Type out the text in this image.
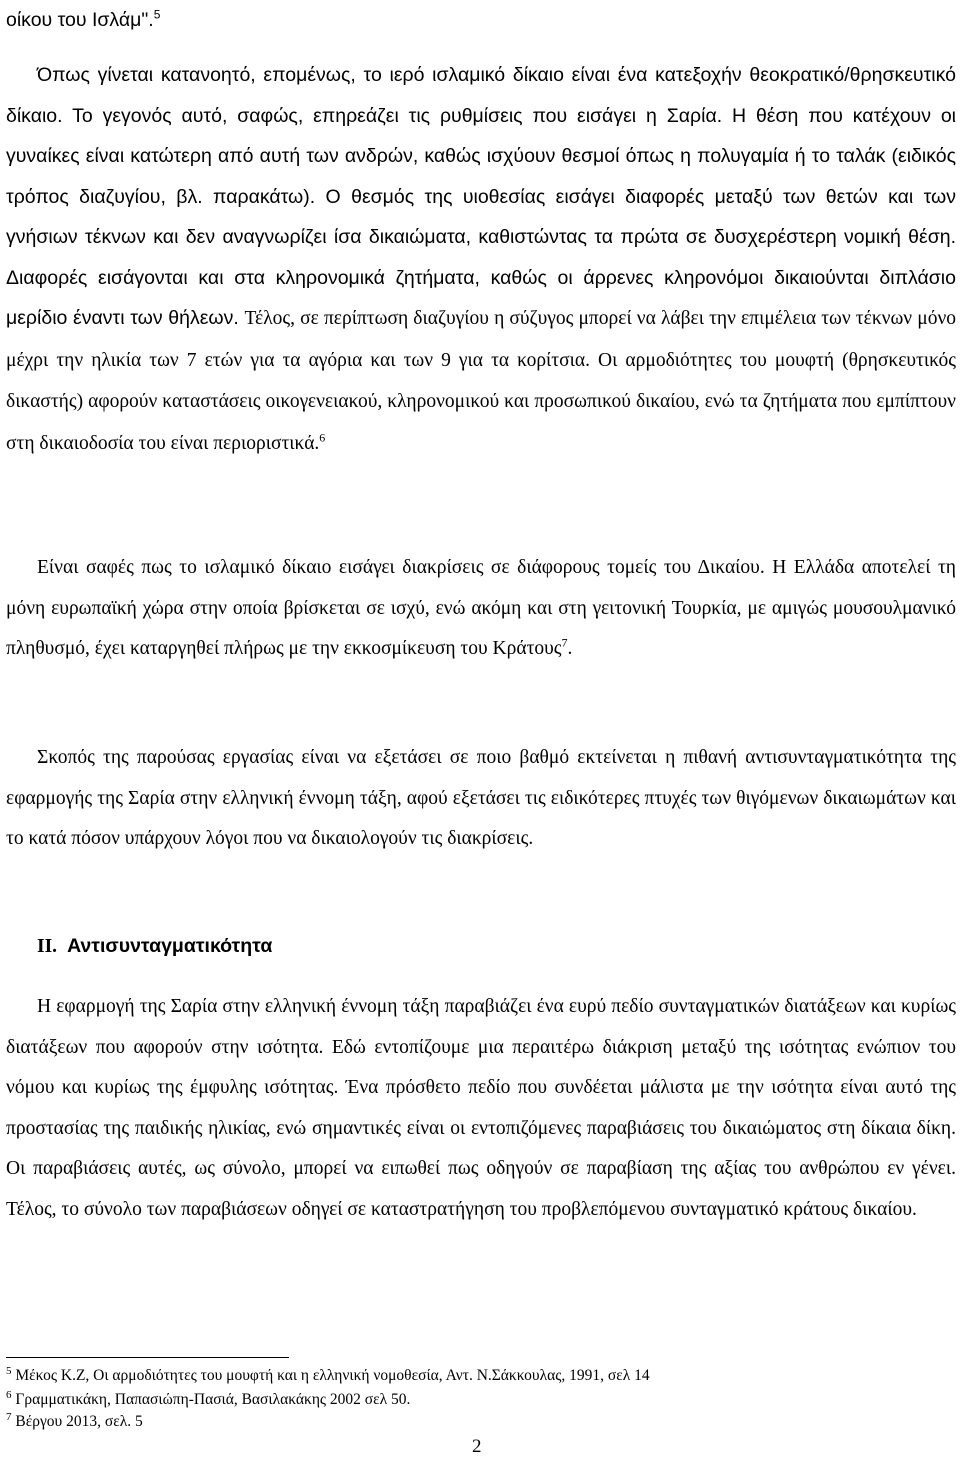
οίκου του Ισλάμ".$^5$

Όπως γίνεται κατανοητό, επομένως, το ιερό ισλαμικό δίκαιο είναι ένα κατεξοχήν θεοκρατικό/θρησκευτικό δίκαιο. Το γεγονός αυτό, σαφώς, επηρεάζει τις ρυθμίσεις που εισάγει η Σαρία. Η θέση που κατέχουν οι γυναίκες είναι κατώτερη από αυτή των ανδρών, καθώς ισχύουν θεσμοί όπως η πολυγαμία ή το ταλάκ (ειδικός τρόπος διαζυγίου, βλ. παρακάτω). Ο θεσμός της υιοθεσίας εισάγει διαφορές μεταξύ των θετών και των γνήσιων τέκνων και δεν αναγνωρίζει ίσα δικαιώματα, καθιστώντας τα πρώτα σε δυσχερέστερη νομική θέση. Διαφορές εισάγονται και στα κληρονομικά ζητήματα, καθώς οι άρρενες κληρονόμοι δικαιούνται διπλάσιο μερίδιο έναντι των θήλεων. Τέλος, σε περίπτωση διαζυγίου η σύζυγος μπορεί να λάβει την επιμέλεια των τέκνων μόνο μέχρι την ηλικία των 7 ετών για τα αγόρια και των 9 για τα κορίτσια. Οι αρμοδιότητες του μουφτή (θρησκευτικός δικαστής) αφορούν καταστάσεις οικογενειακού, κληρονομικού και προσωπικού δικαίου, ενώ τα ζητήματα που εμπίπτουν στη δικαιοδοσία του είναι περιοριστικά.$^6$

Είναι σαφές πως το ισλαμικό δίκαιο εισάγει διακρίσεις σε διάφορους τομείς του Δικαίου. Η Ελλάδα αποτελεί τη μόνη ευρωπαϊκή χώρα στην οποία βρίσκεται σε ισχύ, ενώ ακόμη και στη γειτονική Τουρκία, με αμιγώς μουσουλμανικό πληθυσμό, έχει καταργηθεί πλήρως με την εκκοσμίκευση του Κράτους$^7$.

Σκοπός της παρούσας εργασίας είναι να εξετάσει σε ποιο βαθμό εκτείνεται η πιθανή αντισυνταγματικότητα της εφαρμογής της Σαρία στην ελληνική έννομη τάξη, αφού εξετάσει τις ειδικότερες πτυχές των θιγόμενων δικαιωμάτων και το κατά πόσον υπάρχουν λόγοι που να δικαιολογούν τις διακρίσεις.

ΙΙ. Αντισυνταγματικότητα

Η εφαρμογή της Σαρία στην ελληνική έννομη τάξη παραβιάζει ένα ευρύ πεδίο συνταγματικών διατάξεων και κυρίως διατάξεων που αφορούν στην ισότητα. Εδώ εντοπίζουμε μια περαιτέρω διάκριση μεταξύ της ισότητας ενώπιον του νόμου και κυρίως της έμφυλης ισότητας. Ένα πρόσθετο πεδίο που συνδέεται μάλιστα με την ισότητα είναι αυτό της προστασίας της παιδικής ηλικίας, ενώ σημαντικές είναι οι εντοπιζόμενες παραβιάσεις του δικαιώματος στη δίκαια δίκη. Οι παραβιάσεις αυτές, ως σύνολο, μπορεί να ειπωθεί πως οδηγούν σε παραβίαση της αξίας του ανθρώπου εν γένει. Τέλος, το σύνολο των παραβιάσεων οδηγεί σε καταστρατήγηση του προβλεπόμενου συνταγματικό κράτους δικαίου.

$^5$ Μέκος Κ.Ζ, Οι αρμοδιότητες του μουφτή και η ελληνική νομοθεσία, Αντ. Ν.Σάκκουλας, 1991, σελ 14

$^6$ Γραμματικάκη, Παπασιώπη-Πασιά, Βασιλακάκης 2002 σελ 50.

$^7$ Βέργου 2013, σελ. 5

2
